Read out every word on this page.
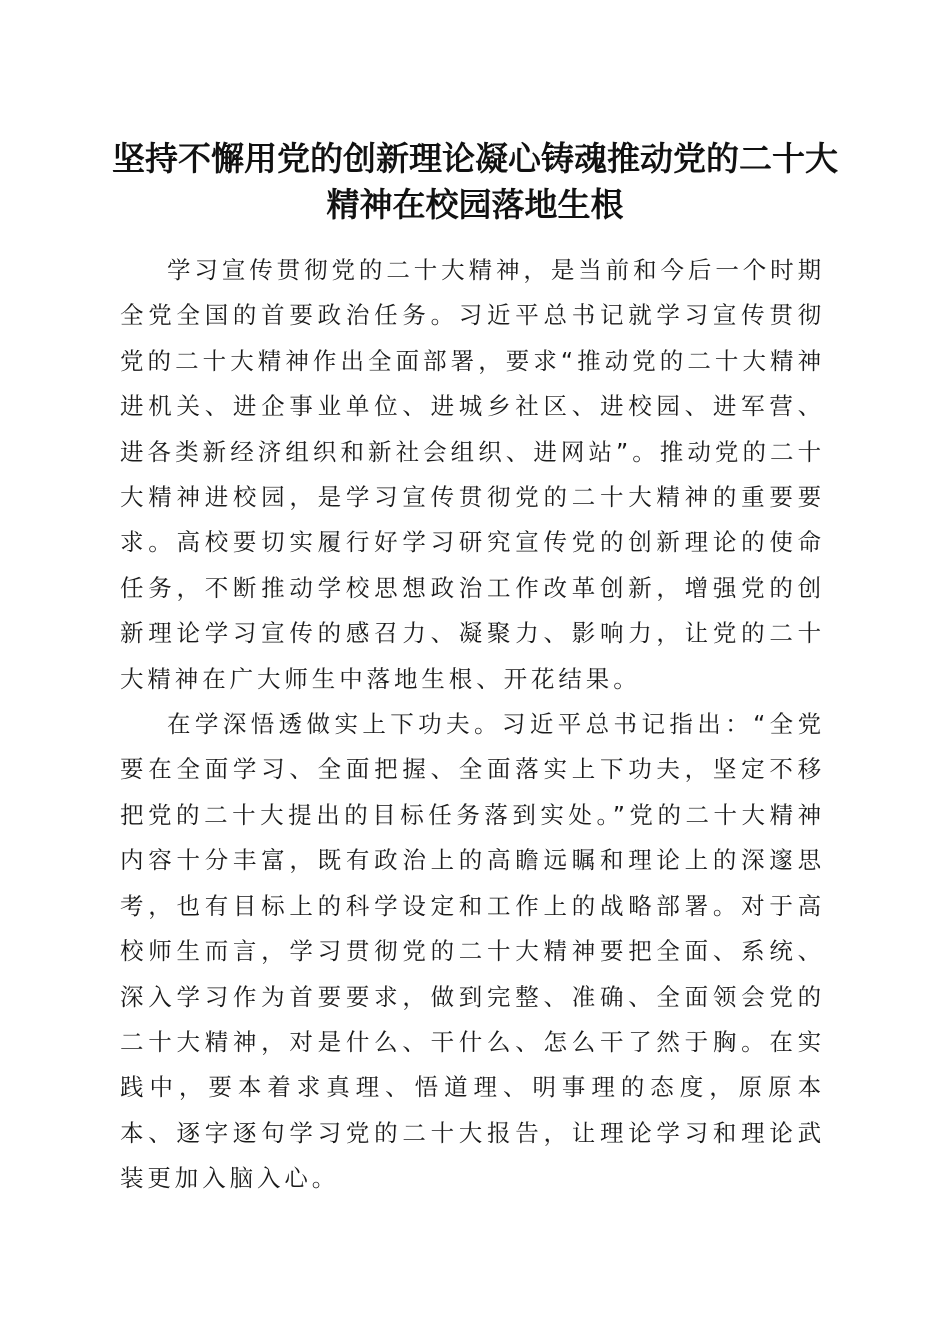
坚持不懈用党的创新理论凝心铸魂推动党的二十大精神在校园落地生根

学习宣传贯彻党的二十大精神，是当前和今后一个时期全党全国的首要政治任务。习近平总书记就学习宣传贯彻党的二十大精神作出全面部署，要求“推动党的二十大精神进机关、进企事业单位、进城乡社区、进校园、进军营、进各类新经济组织和新社会组织、进网站”。推动党的二十大精神进校园，是学习宣传贯彻党的二十大精神的重要要求。高校要切实履行好学习研究宣传党的创新理论的使命任务，不断推动学校思想政治工作改革创新，增强党的创新理论学习宣传的感召力、凝聚力、影响力，让党的二十大精神在广大师生中落地生根、开花结果。

在学深悟透做实上下功夫。习近平总书记指出：“全党要在全面学习、全面把握、全面落实上下功夫，坚定不移把党的二十大提出的目标任务落到实处。”党的二十大精神内容十分丰富，既有政治上的高瞻远瞩和理论上的深邃思考，也有目标上的科学设定和工作上的战略部署。对于高校师生而言，学习贯彻党的二十大精神要把全面、系统、深入学习作为首要要求，做到完整、准确、全面领会党的二十大精神，对是什么、干什么、怎么干了然于胸。在实践中，要本着求真理、悟道理、明事理的态度，原原本本、逐字逐句学习党的二十大报告，让理论学习和理论武装更加入脑入心。
